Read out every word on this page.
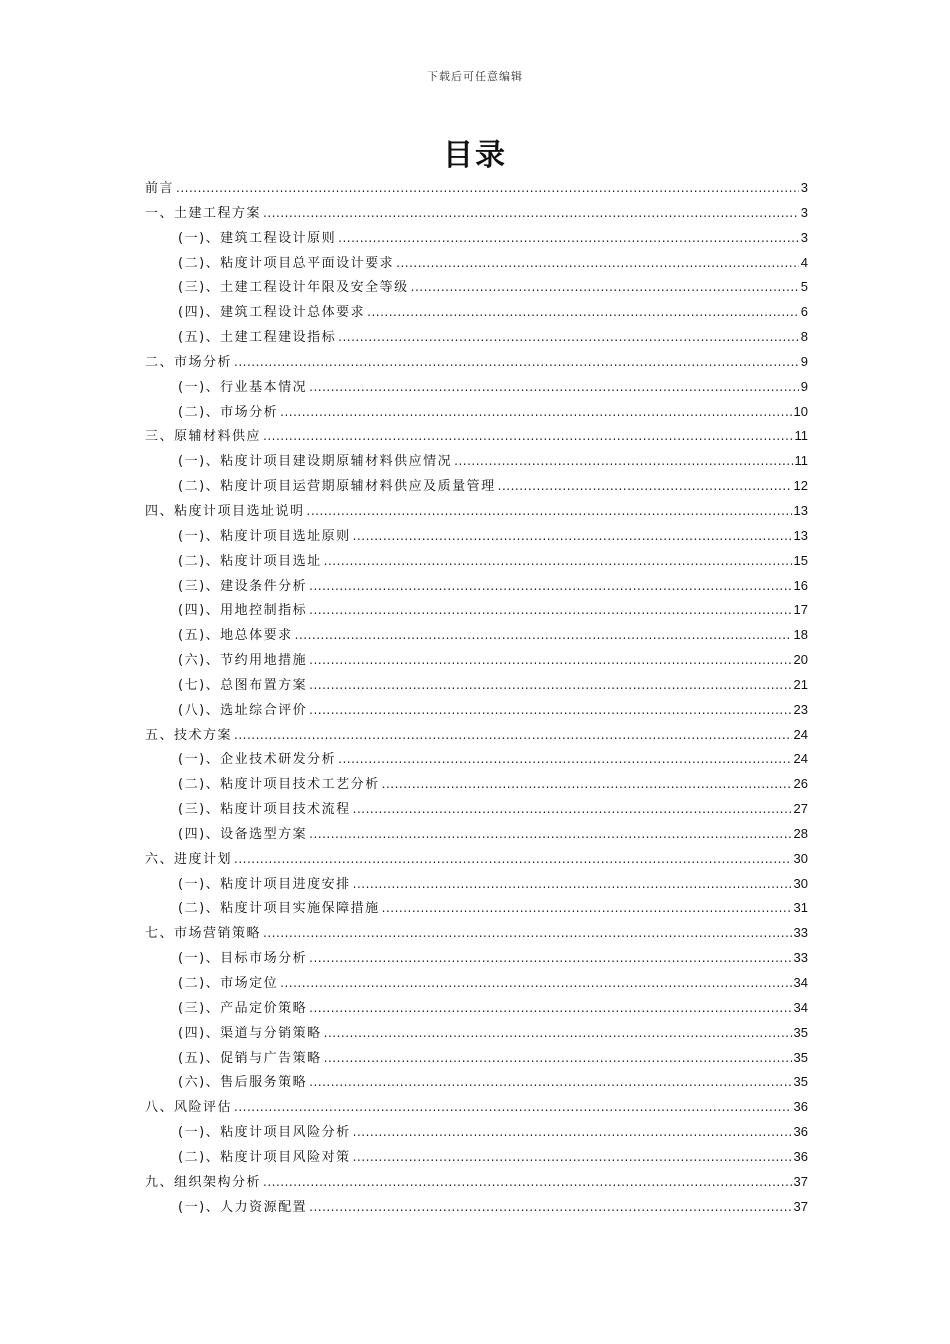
下载后可任意编辑
目录
前言 .....	3
一、土建工程方案 .....	3
(一)、建筑工程设计原则 .....	3
(二)、粘度计项目总平面设计要求 .....	4
(三)、土建工程设计年限及安全等级 .....	5
(四)、建筑工程设计总体要求 .....	6
(五)、土建工程建设指标 .....	8
二、市场分析 .....	9
(一)、行业基本情况 .....	9
(二)、市场分析 .....	10
三、原辅材料供应 .....	11
(一)、粘度计项目建设期原辅材料供应情况 .....	11
(二)、粘度计项目运营期原辅材料供应及质量管理 .....	12
四、粘度计项目选址说明 .....	13
(一)、粘度计项目选址原则 .....	13
(二)、粘度计项目选址 .....	15
(三)、建设条件分析 .....	16
(四)、用地控制指标 .....	17
(五)、地总体要求 .....	18
(六)、节约用地措施 .....	20
(七)、总图布置方案 .....	21
(八)、选址综合评价 .....	23
五、技术方案 .....	24
(一)、企业技术研发分析 .....	24
(二)、粘度计项目技术工艺分析 .....	26
(三)、粘度计项目技术流程 .....	27
(四)、设备选型方案 .....	28
六、进度计划 .....	30
(一)、粘度计项目进度安排 .....	30
(二)、粘度计项目实施保障措施 .....	31
七、市场营销策略 .....	33
(一)、目标市场分析 .....	33
(二)、市场定位 .....	34
(三)、产品定价策略 .....	34
(四)、渠道与分销策略 .....	35
(五)、促销与广告策略 .....	35
(六)、售后服务策略 .....	35
八、风险评估 .....	36
(一)、粘度计项目风险分析 .....	36
(二)、粘度计项目风险对策 .....	36
九、组织架构分析 .....	37
(一)、人力资源配置 .....	37
